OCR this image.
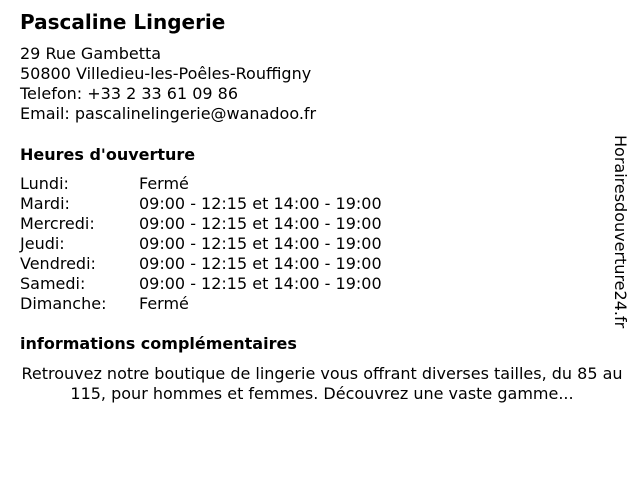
Pascaline Lingerie
29 Rue Gambetta
50800 Villedieu-les-Poêles-Rouffigny
Telefon: +33 2 33 61 09 86
Email: pascalinelingerie@wanadoo.fr
Heures d'ouverture
Lundi:	Fermé
Mardi:	09:00 - 12:15 et 14:00 - 19:00
Mercredi:	09:00 - 12:15 et 14:00 - 19:00
Jeudi:	09:00 - 12:15 et 14:00 - 19:00
Vendredi:	09:00 - 12:15 et 14:00 - 19:00
Samedi:	09:00 - 12:15 et 14:00 - 19:00
Dimanche:	Fermé
informations complémentaires
Retrouvez notre boutique de lingerie vous offrant diverses tailles, du 85 au 115, pour hommes et femmes. Découvrez une vaste gamme...
Horairesdouverture24.fr
